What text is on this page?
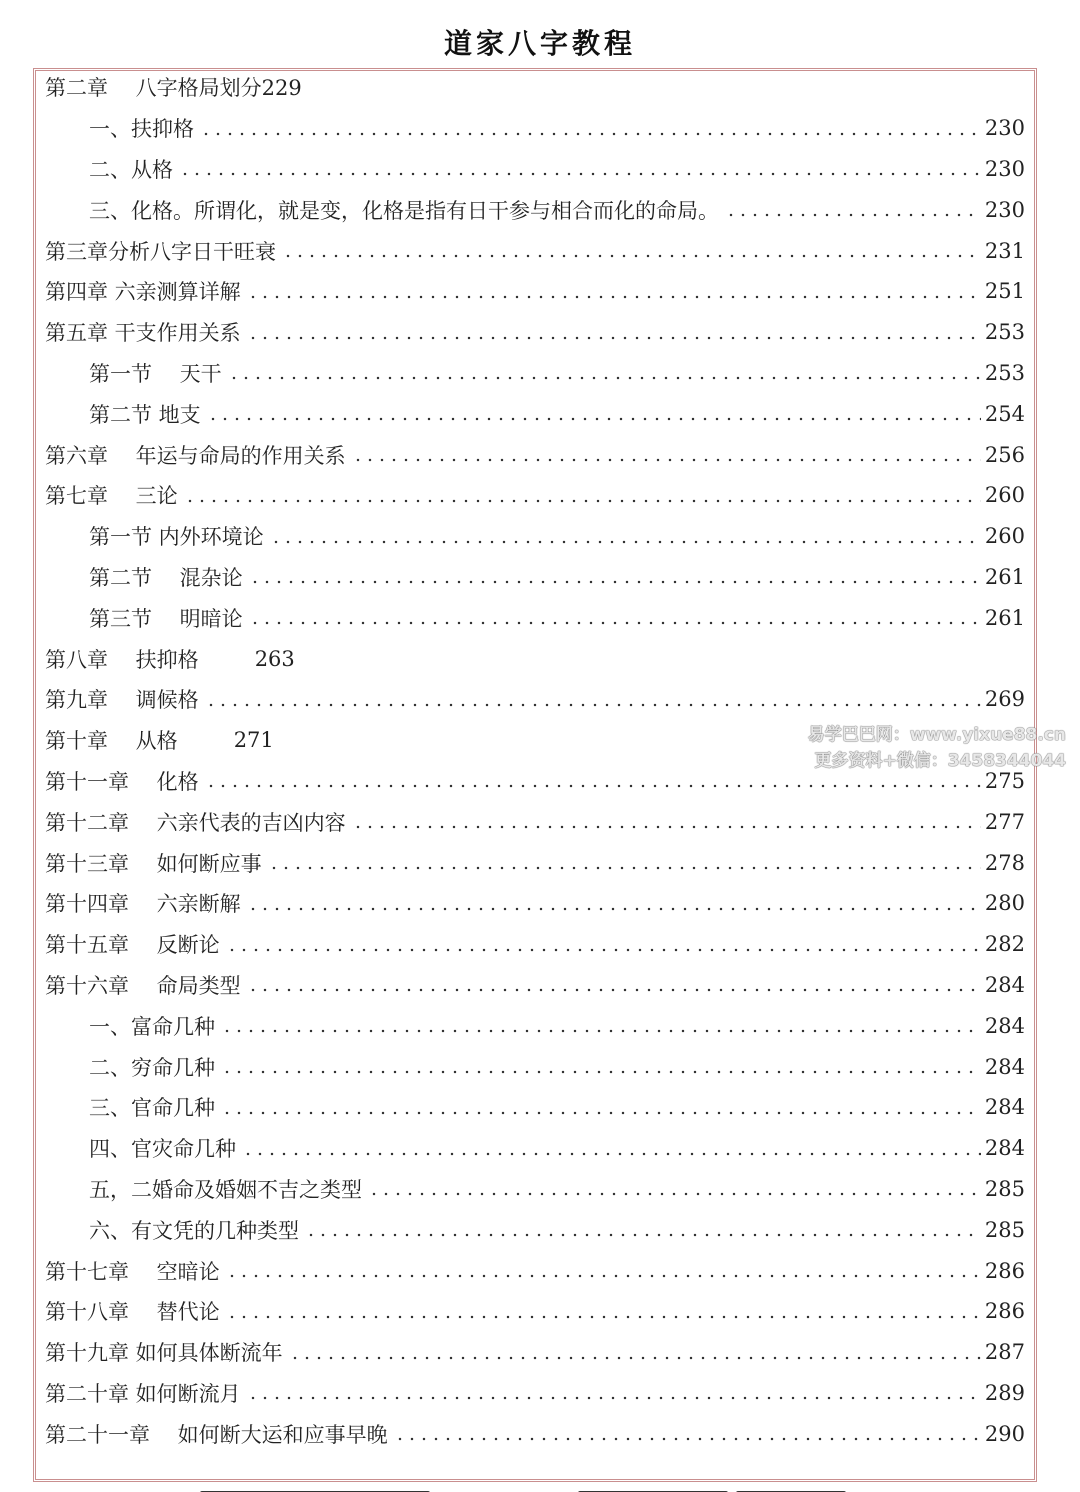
道家八字教程
第二章　 八字格局划分229
一、扶抑格	230
二、从格	230
三、化格。所谓化，就是变，化格是指有日干参与相合而化的命局。	230
第三章分析八字日干旺衰	231
第四章 六亲测算详解	251
第五章 干支作用关系	253
第一节　 天干	253
第二节 地支	254
第六章　 年运与命局的作用关系	256
第七章　 三论	260
第一节 内外环境论	260
第二节　 混杂论	261
第三节　 明暗论	261
第八章　 扶抑格	263
第九章　 调候格	269
第十章　 从格	271
第十一章　 化格	275
第十二章　 六亲代表的吉凶内容	277
第十三章　 如何断应事	278
第十四章　 六亲断解	280
第十五章　 反断论	282
第十六章　 命局类型	284
一、富命几种	284
二、穷命几种	284
三、官命几种	284
四、官灾命几种	284
五，二婚命及婚姻不吉之类型	285
六、有文凭的几种类型	285
第十七章　 空暗论	286
第十八章　 替代论	286
第十九章 如何具体断流年	287
第二十章 如何断流月	289
第二十一章　 如何断大运和应事早晚	290
易学巴巴网：www.yixue88.cn
更多资料+微信：3458344044
